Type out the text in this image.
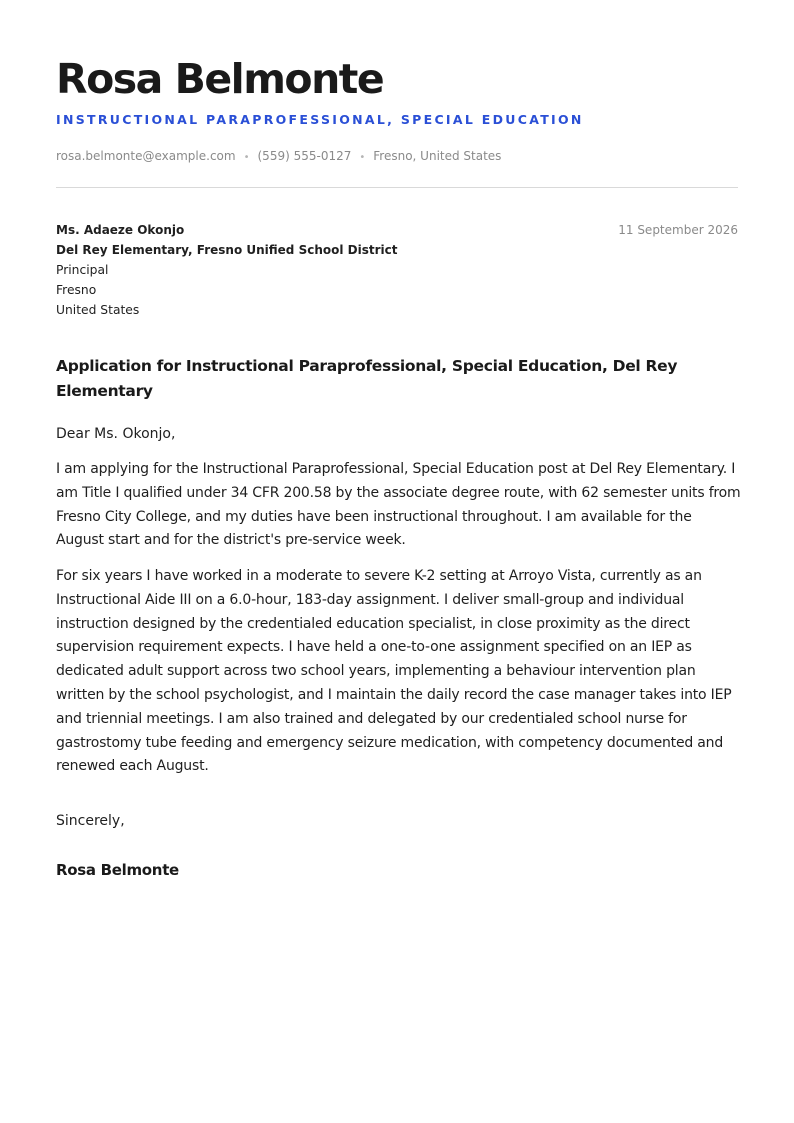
Rosa Belmonte
INSTRUCTIONAL PARAPROFESSIONAL, SPECIAL EDUCATION
rosa.belmonte@example.com • (559) 555-0127 • Fresno, United States
Ms. Adaeze Okonjo
Del Rey Elementary, Fresno Unified School District
Principal
Fresno
United States
11 September 2026
Application for Instructional Paraprofessional, Special Education, Del Rey Elementary
Dear Ms. Okonjo,

I am applying for the Instructional Paraprofessional, Special Education post at Del Rey Elementary. I am Title I qualified under 34 CFR 200.58 by the associate degree route, with 62 semester units from Fresno City College, and my duties have been instructional throughout. I am available for the August start and for the district's pre-service week.

For six years I have worked in a moderate to severe K-2 setting at Arroyo Vista, currently as an Instructional Aide III on a 6.0-hour, 183-day assignment. I deliver small-group and individual instruction designed by the credentialed education specialist, in close proximity as the direct supervision requirement expects. I have held a one-to-one assignment specified on an IEP as dedicated adult support across two school years, implementing a behaviour intervention plan written by the school psychologist, and I maintain the daily record the case manager takes into IEP and triennial meetings. I am also trained and delegated by our credentialed school nurse for gastrostomy tube feeding and emergency seizure medication, with competency documented and renewed each August.

Sincerely,
Rosa Belmonte
